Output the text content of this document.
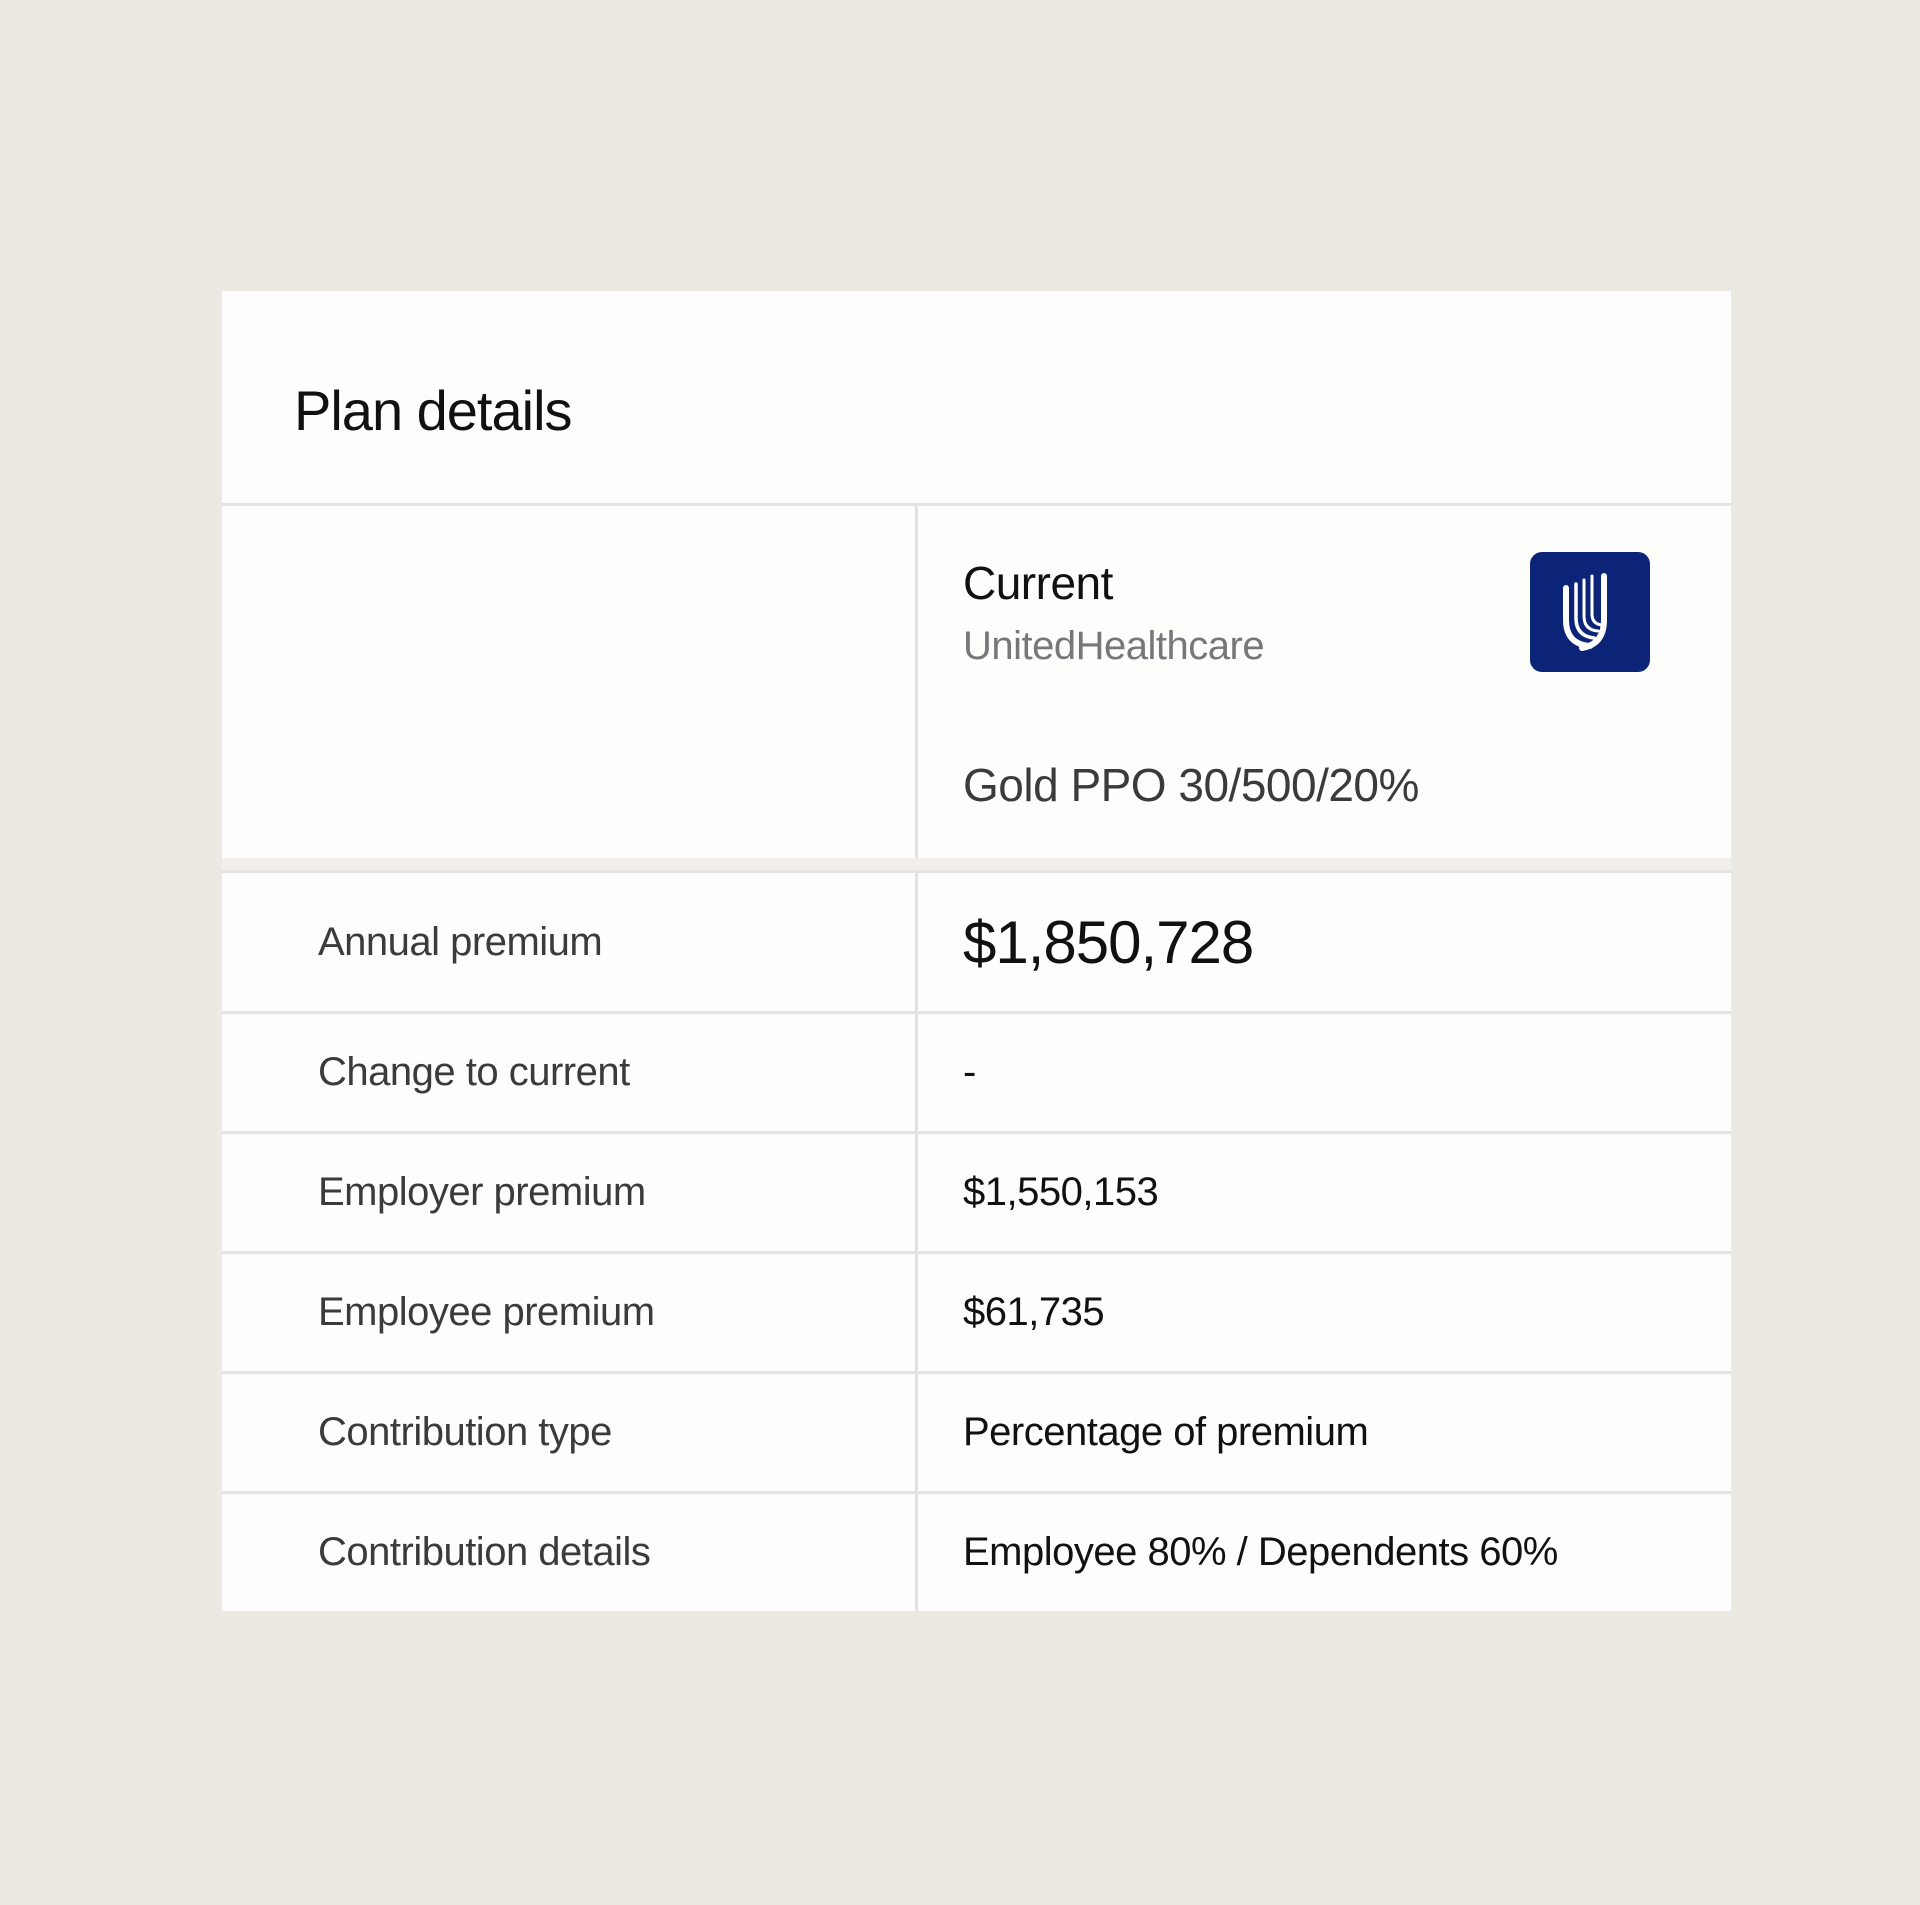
Plan details
Current
UnitedHealthcare
Gold PPO 30/500/20%
Annual premium	$1,850,728
Change to current	-
Employer premium	$1,550,153
Employee premium	$61,735
Contribution type	Percentage of premium
Contribution details	Employee 80% / Dependents 60%
